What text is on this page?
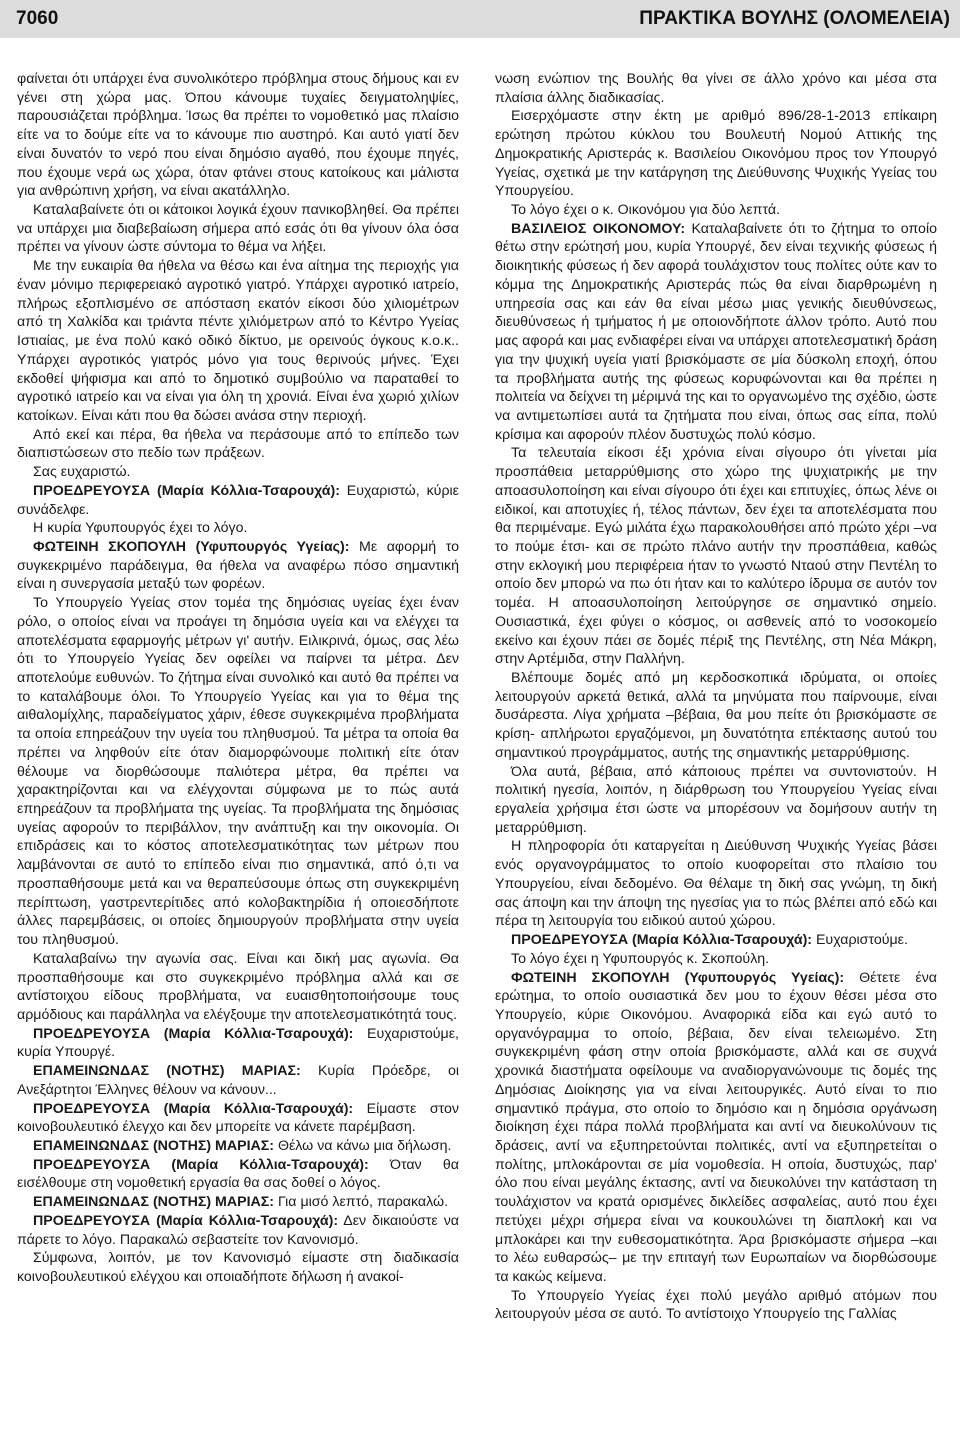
7060	ΠΡΑΚΤΙΚΑ ΒΟΥΛΗΣ (ΟΛΟΜΕΛΕΙΑ)

φαίνεται ότι υπάρχει ένα συνολικότερο πρόβλημα στους δήμους και εν γένει στη χώρα μας. Όπου κάνουμε τυχαίες δειγματοληψίες, παρουσιάζεται πρόβλημα. Ίσως θα πρέπει το νομοθετικό μας πλαίσιο είτε να το δούμε είτε να το κάνουμε πιο αυστηρό. Και αυτό γιατί δεν είναι δυνατόν το νερό που είναι δημόσιο αγαθό, που έχουμε πηγές, που έχουμε νερά ως χώρα, όταν φτάνει στους κατοίκους και μάλιστα για ανθρώπινη χρήση, να είναι ακατάλληλο.

Καταλαβαίνετε ότι οι κάτοικοι λογικά έχουν πανικοβληθεί. Θα πρέπει να υπάρχει μια διαβεβαίωση σήμερα από εσάς ότι θα γίνουν όλα όσα πρέπει να γίνουν ώστε σύντομα το θέμα να λήξει.

Με την ευκαιρία θα ήθελα να θέσω και ένα αίτημα της περιοχής για έναν μόνιμο περιφερειακό αγροτικό γιατρό. Υπάρχει αγροτικό ιατρείο, πλήρως εξοπλισμένο σε απόσταση εκατόν είκοσι δύο χιλιομέτρων από τη Χαλκίδα και τριάντα πέντε χιλιόμετρων από το Κέντρο Υγείας Ιστιαίας, με ένα πολύ κακό οδικό δίκτυο, με ορεινούς όγκους κ.ο.κ.. Υπάρχει αγροτικός γιατρός μόνο για τους θερινούς μήνες. Έχει εκδοθεί ψήφισμα και από το δημοτικό συμβούλιο να παραταθεί το αγροτικό ιατρείο και να είναι για όλη τη χρονιά. Είναι ένα χωριό χιλίων κατοίκων. Είναι κάτι που θα δώσει ανάσα στην περιοχή.

Από εκεί και πέρα, θα ήθελα να περάσουμε από το επίπεδο των διαπιστώσεων στο πεδίο των πράξεων.

Σας ευχαριστώ.

ΠΡΟΕΔΡΕΥΟΥΣΑ (Μαρία Κόλλια-Τσαρουχά): Ευχαριστώ, κύριε συνάδελφε.

Η κυρία Υφυπουργός έχει το λόγο.

ΦΩΤΕΙΝΗ ΣΚΟΠΟΥΛΗ (Υφυπουργός Υγείας): Με αφορμή το συγκεκριμένο παράδειγμα, θα ήθελα να αναφέρω πόσο σημαντική είναι η συνεργασία μεταξύ των φορέων.

Το Υπουργείο Υγείας στον τομέα της δημόσιας υγείας έχει έναν ρόλο, ο οποίος είναι να προάγει τη δημόσια υγεία και να ελέγχει τα αποτελέσματα εφαρμογής μέτρων γι' αυτήν. Ειλικρινά, όμως, σας λέω ότι το Υπουργείο Υγείας δεν οφείλει να παίρνει τα μέτρα. Δεν αποτελούμε ευθυνών. Το ζήτημα είναι συνολικό και αυτό θα πρέπει να το καταλάβουμε όλοι. Το Υπουργείο Υγείας και για το θέμα της αιθαλομίχλης, παραδείγματος χάριν, έθεσε συγκεκριμένα προβλήματα τα οποία επηρεάζουν την υγεία του πληθυσμού. Τα μέτρα τα οποία θα πρέπει να ληφθούν είτε όταν διαμορφώνουμε πολιτική είτε όταν θέλουμε να διορθώσουμε παλιότερα μέτρα, θα πρέπει να χαρακτηρίζονται και να ελέγχονται σύμφωνα με το πώς αυτά επηρεάζουν τα προβλήματα της υγείας. Τα προβλήματα της δημόσιας υγείας αφορούν το περιβάλλον, την ανάπτυξη και την οικονομία. Οι επιδράσεις και το κόστος αποτελεσματικότητας των μέτρων που λαμβάνονται σε αυτό το επίπεδο είναι πιο σημαντικά, από ό,τι να προσπαθήσουμε μετά και να θεραπεύσουμε όπως στη συγκεκριμένη περίπτωση, γαστρεντερίτιδες από κολοβακτηρίδια ή οποιεσδήποτε άλλες παρεμβάσεις, οι οποίες δημιουργούν προβλήματα στην υγεία του πληθυσμού.

Καταλαβαίνω την αγωνία σας. Είναι και δική μας αγωνία. Θα προσπαθήσουμε και στο συγκεκριμένο πρόβλημα αλλά και σε αντίστοιχου είδους προβλήματα, να ευαισθητοποιήσουμε τους αρμόδιους και παράλληλα να ελέγξουμε την αποτελεσματικότητά τους.

ΠΡΟΕΔΡΕΥΟΥΣΑ (Μαρία Κόλλια-Τσαρουχά): Ευχαριστούμε, κυρία Υπουργέ.

ΕΠΑΜΕΙΝΩΝΔΑΣ (ΝΟΤΗΣ) ΜΑΡΙΑΣ: Κυρία Πρόεδρε, οι Ανεξάρτητοι Έλληνες θέλουν να κάνουν...

ΠΡΟΕΔΡΕΥΟΥΣΑ (Μαρία Κόλλια-Τσαρουχά): Είμαστε στον κοινοβουλευτικό έλεγχο και δεν μπορείτε να κάνετε παρέμβαση.

ΕΠΑΜΕΙΝΩΝΔΑΣ (ΝΟΤΗΣ) ΜΑΡΙΑΣ: Θέλω να κάνω μια δήλωση.

ΠΡΟΕΔΡΕΥΟΥΣΑ (Μαρία Κόλλια-Τσαρουχά): Όταν θα εισέλθουμε στη νομοθετική εργασία θα σας δοθεί ο λόγος.

ΕΠΑΜΕΙΝΩΝΔΑΣ (ΝΟΤΗΣ) ΜΑΡΙΑΣ: Για μισό λεπτό, παρακαλώ.

ΠΡΟΕΔΡΕΥΟΥΣΑ (Μαρία Κόλλια-Τσαρουχά): Δεν δικαιούστε να πάρετε το λόγο. Παρακαλώ σεβαστείτε τον Κανονισμό.

Σύμφωνα, λοιπόν, με τον Κανονισμό είμαστε στη διαδικασία κοινοβουλευτικού ελέγχου και οποιαδήποτε δήλωση ή ανακοί-

νωση ενώπιον της Βουλής θα γίνει σε άλλο χρόνο και μέσα στα πλαίσια άλλης διαδικασίας.

Εισερχόμαστε στην έκτη με αριθμό 896/28-1-2013 επίκαιρη ερώτηση πρώτου κύκλου του Βουλευτή Νομού Αττικής της Δημοκρατικής Αριστεράς κ. Βασιλείου Οικονόμου προς τον Υπουργό Υγείας, σχετικά με την κατάργηση της Διεύθυνσης Ψυχικής Υγείας του Υπουργείου.

Το λόγο έχει ο κ. Οικονόμου για δύο λεπτά.

ΒΑΣΙΛΕΙΟΣ ΟΙΚΟΝΟΜΟΥ: Καταλαβαίνετε ότι το ζήτημα το οποίο θέτω στην ερώτησή μου, κυρία Υπουργέ, δεν είναι τεχνικής φύσεως ή διοικητικής φύσεως ή δεν αφορά τουλάχιστον τους πολίτες ούτε καν το κόμμα της Δημοκρατικής Αριστεράς πώς θα είναι διαρθρωμένη η υπηρεσία σας και εάν θα είναι μέσω μιας γενικής διευθύνσεως, διευθύνσεως ή τμήματος ή με οποιονδήποτε άλλον τρόπο. Αυτό που μας αφορά και μας ενδιαφέρει είναι να υπάρχει αποτελεσματική δράση για την ψυχική υγεία γιατί βρισκόμαστε σε μία δύσκολη εποχή, όπου τα προβλήματα αυτής της φύσεως κορυφώνονται και θα πρέπει η πολιτεία να δείχνει τη μέριμνά της και το οργανωμένο της σχέδιο, ώστε να αντιμετωπίσει αυτά τα ζητήματα που είναι, όπως σας είπα, πολύ κρίσιμα και αφορούν πλέον δυστυχώς πολύ κόσμο.

Τα τελευταία είκοσι έξι χρόνια είναι σίγουρο ότι γίνεται μία προσπάθεια μεταρρύθμισης στο χώρο της ψυχιατρικής με την αποασυλοποίηση και είναι σίγουρο ότι έχει και επιτυχίες, όπως λένε οι ειδικοί, και αποτυχίες ή, τέλος πάντων, δεν έχει τα αποτελέσματα που θα περιμέναμε. Εγώ μιλάτα έχω παρακολουθήσει από πρώτο χέρι –να το πούμε έτσι- και σε πρώτο πλάνο αυτήν την προσπάθεια, καθώς στην εκλογική μου περιφέρεια ήταν το γνωστό Νταού στην Πεντέλη το οποίο δεν μπορώ να πω ότι ήταν και το καλύτερο ίδρυμα σε αυτόν τον τομέα. Η αποασυλοποίηση λειτούργησε σε σημαντικό σημείο. Ουσιαστικά, έχει φύγει ο κόσμος, οι ασθενείς από το νοσοκομείο εκείνο και έχουν πάει σε δομές πέριξ της Πεντέλης, στη Νέα Μάκρη, στην Αρτέμιδα, στην Παλλήνη.

Βλέπουμε δομές από μη κερδοσκοπικά ιδρύματα, οι οποίες λειτουργούν αρκετά θετικά, αλλά τα μηνύματα που παίρνουμε, είναι δυσάρεστα. Λίγα χρήματα –βέβαια, θα μου πείτε ότι βρισκόμαστε σε κρίση- απλήρωτοι εργαζόμενοι, μη δυνατότητα επέκτασης αυτού του σημαντικού προγράμματος, αυτής της σημαντικής μεταρρύθμισης.

Όλα αυτά, βέβαια, από κάποιους πρέπει να συντονιστούν. Η πολιτική ηγεσία, λοιπόν, η διάρθρωση του Υπουργείου Υγείας είναι εργαλεία χρήσιμα έτσι ώστε να μπορέσουν να δομήσουν αυτήν τη μεταρρύθμιση.

Η πληροφορία ότι καταργείται η Διεύθυνση Ψυχικής Υγείας βάσει ενός οργανογράμματος το οποίο κυοφορείται στο πλαίσιο του Υπουργείου, είναι δεδομένο. Θα θέλαμε τη δική σας γνώμη, τη δική σας άποψη και την άποψη της ηγεσίας για το πώς βλέπει από εδώ και πέρα τη λειτουργία του ειδικού αυτού χώρου.

ΠΡΟΕΔΡΕΥΟΥΣΑ (Μαρία Κόλλια-Τσαρουχά): Ευχαριστούμε.

Το λόγο έχει η Υφυπουργός κ. Σκοπούλη.

ΦΩΤΕΙΝΗ ΣΚΟΠΟΥΛΗ (Υφυπουργός Υγείας): Θέτετε ένα ερώτημα, το οποίο ουσιαστικά δεν μου το έχουν θέσει μέσα στο Υπουργείο, κύριε Οικονόμου. Αναφορικά είδα και εγώ αυτό το οργανόγραμμα το οποίο, βέβαια, δεν είναι τελειωμένο. Στη συγκεκριμένη φάση στην οποία βρισκόμαστε, αλλά και σε συχνά χρονικά διαστήματα οφείλουμε να αναδιοργανώνουμε τις δομές της Δημόσιας Διοίκησης για να είναι λειτουργικές. Αυτό είναι το πιο σημαντικό πράγμα, στο οποίο το δημόσιο και η δημόσια οργάνωση διοίκηση έχει πάρα πολλά προβλήματα και αντί να διευκολύνουν τις δράσεις, αντί να εξυπηρετούνται πολιτικές, αντί να εξυπηρετείται ο πολίτης, μπλοκάρονται σε μία νομοθεσία. Η οποία, δυστυχώς, παρ' όλο που είναι μεγάλης έκτασης, αντί να διευκολύνει την κατάσταση τη τουλάχιστον να κρατά ορισμένες δικλείδες ασφαλείας, αυτό που έχει πετύχει μέχρι σήμερα είναι να κουκουλώνει τη διαπλοκή και να μπλοκάρει και την ευθεσοματικότητα. Άρα βρισκόμαστε σήμερα –και το λέω ευθαρσώς– με την επιταγή των Ευρωπαίων να διορθώσουμε τα κακώς κείμενα.

Το Υπουργείο Υγείας έχει πολύ μεγάλο αριθμό ατόμων που λειτουργούν μέσα σε αυτό. Το αντίστοιχο Υπουργείο της Γαλλίας
